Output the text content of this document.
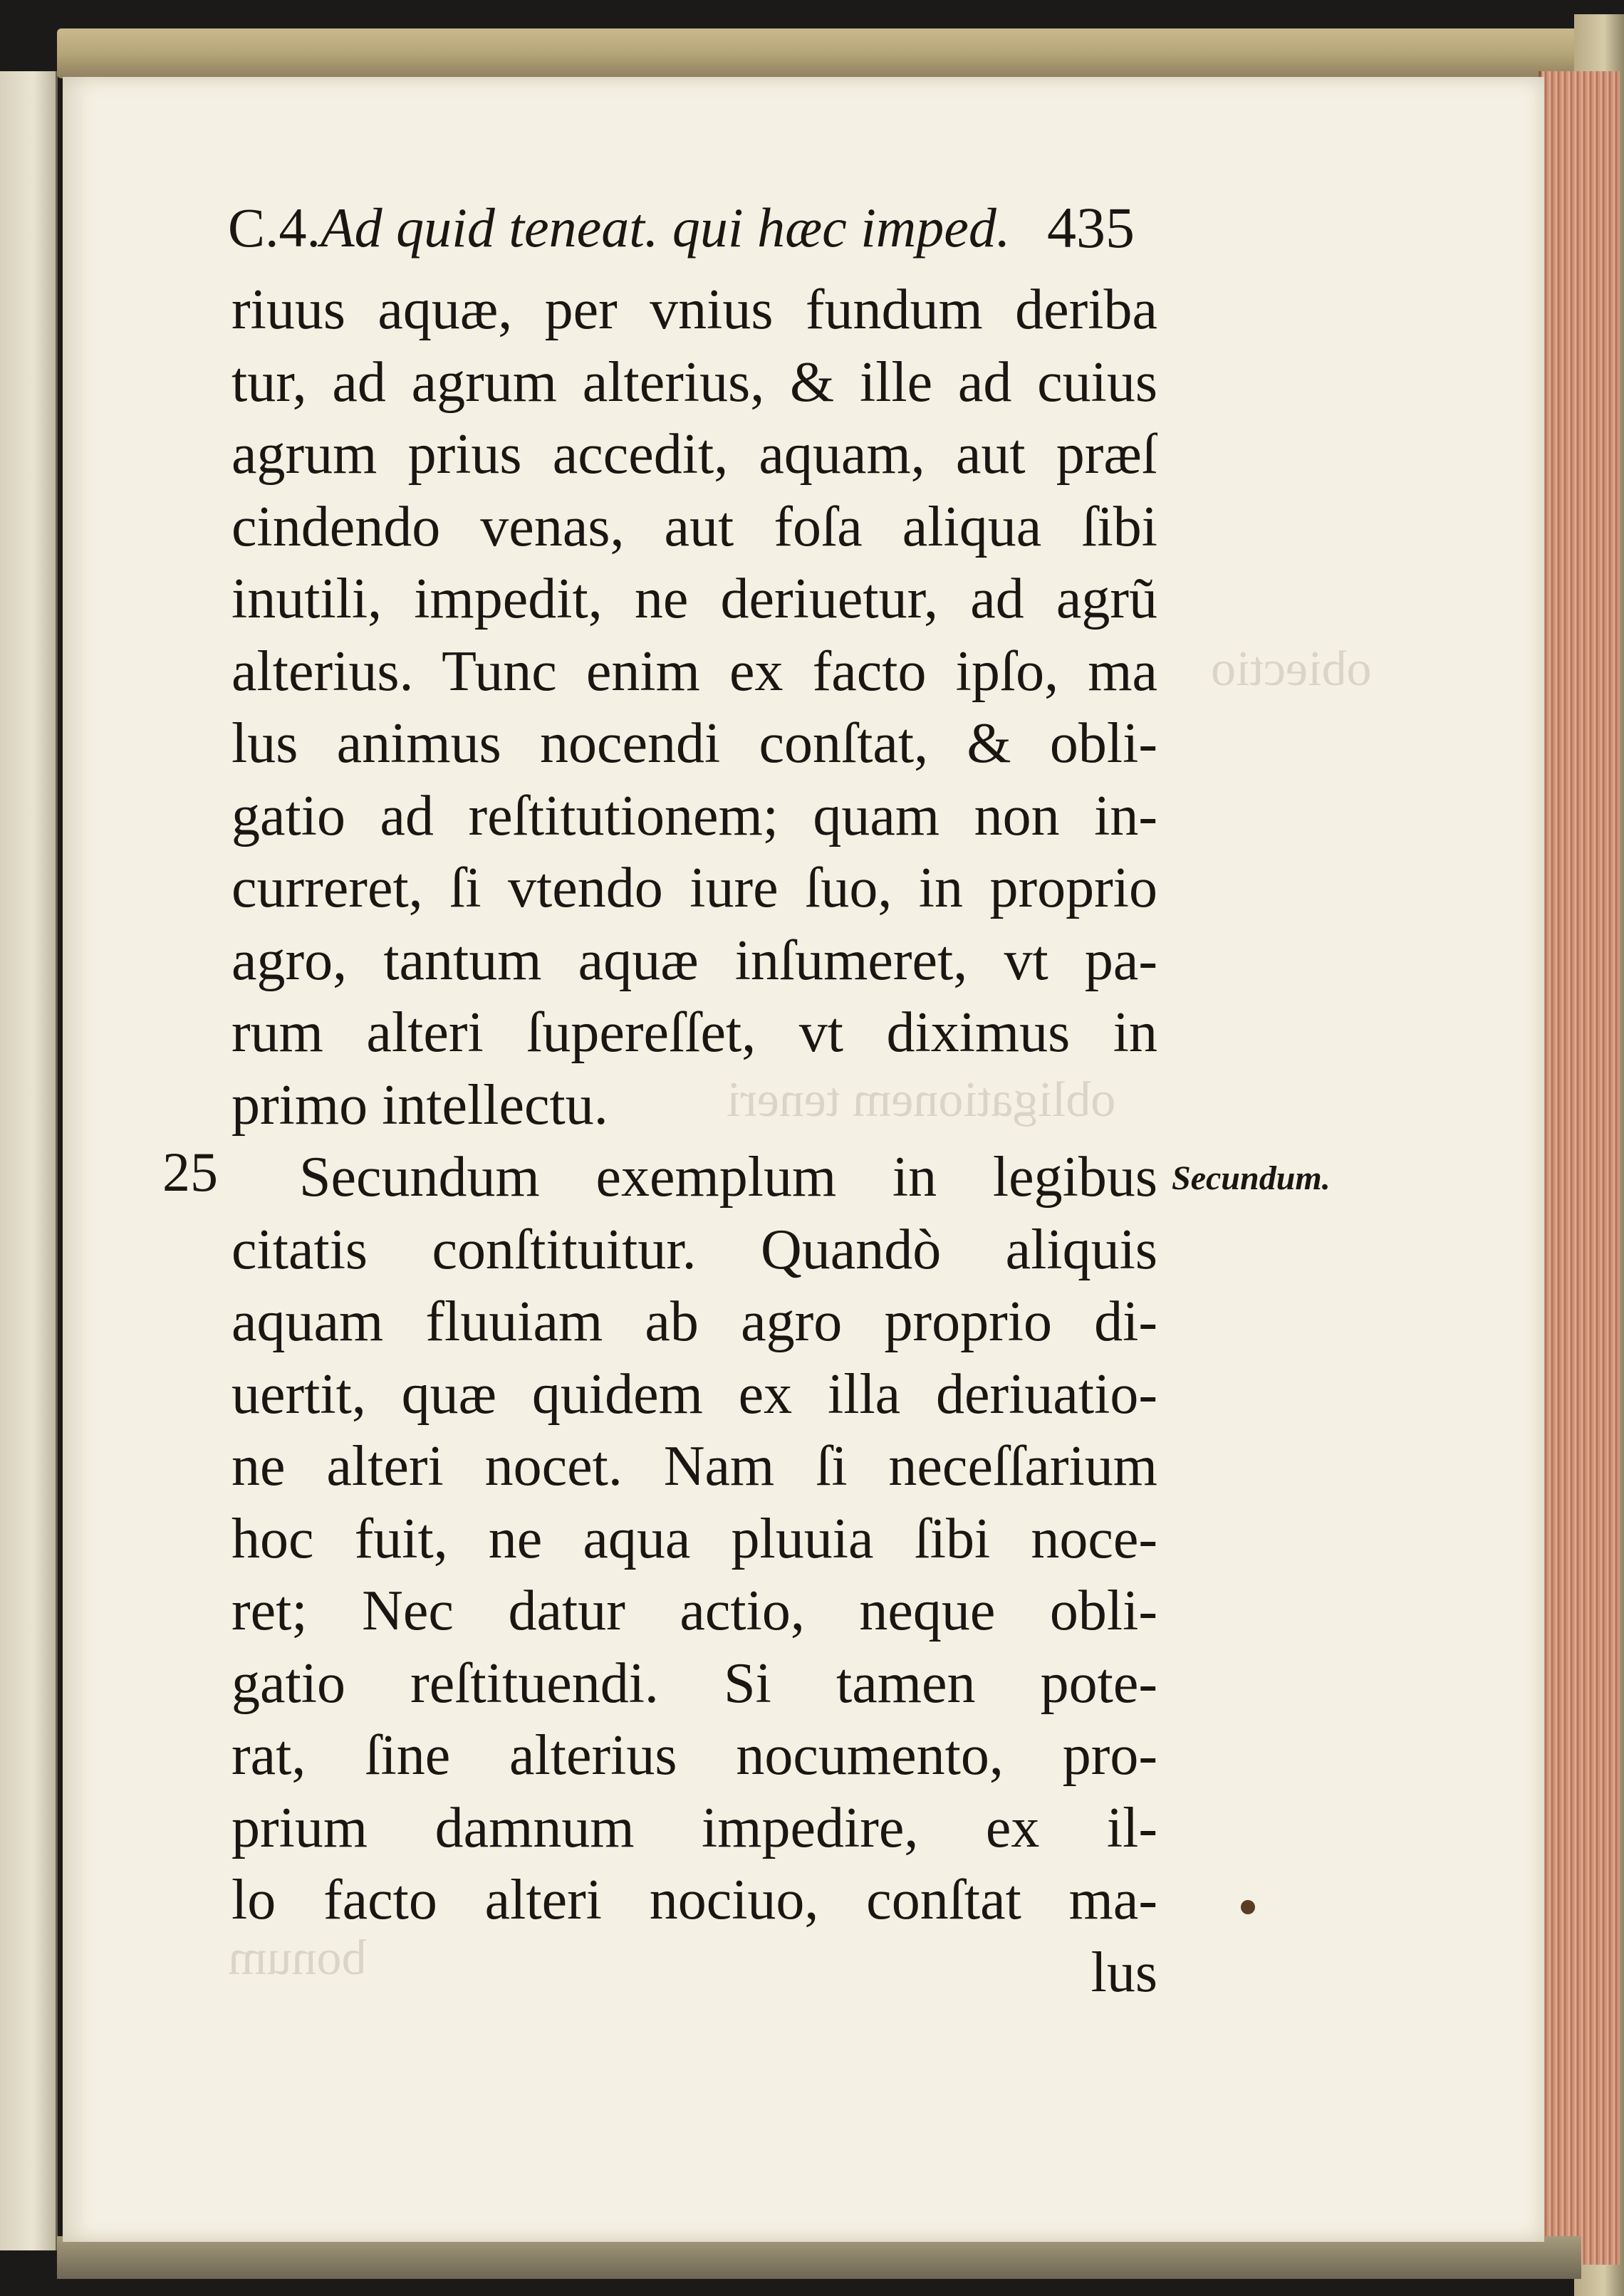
obiectio
obligationem teneri
bonum
C.4.Ad quid teneat. qui hæc imped. 435
25	Secundum.
riuus aquæ, per vnius fundum deriba
tur, ad agrum alterius, & ille ad cuius
agrum prius accedit, aquam, aut præſ
cindendo venas, aut foſa aliqua ſibi
inutili, impedit, ne deriuetur, ad agrũ
alterius. Tunc enim ex facto ipſo, ma
lus animus nocendi conſtat, & obli-
gatio ad reſtitutionem; quam non in-
curreret, ſi vtendo iure ſuo, in proprio
agro, tantum aquæ inſumeret, vt pa-
rum alteri ſupereſſet, vt diximus in
primo intellectu.
Secundum exemplum in legibus
citatis conſtituitur. Quandò aliquis
aquam fluuiam ab agro proprio di-
uertit, quæ quidem ex illa deriuatio-
ne alteri nocet. Nam ſi neceſſarium
hoc fuit, ne aqua pluuia ſibi noce-
ret; Nec datur actio, neque obli-
gatio reſtituendi. Si tamen pote-
rat, ſine alterius nocumento, pro-
prium damnum impedire, ex il-
lo facto alteri nociuo, conſtat ma-
lus
